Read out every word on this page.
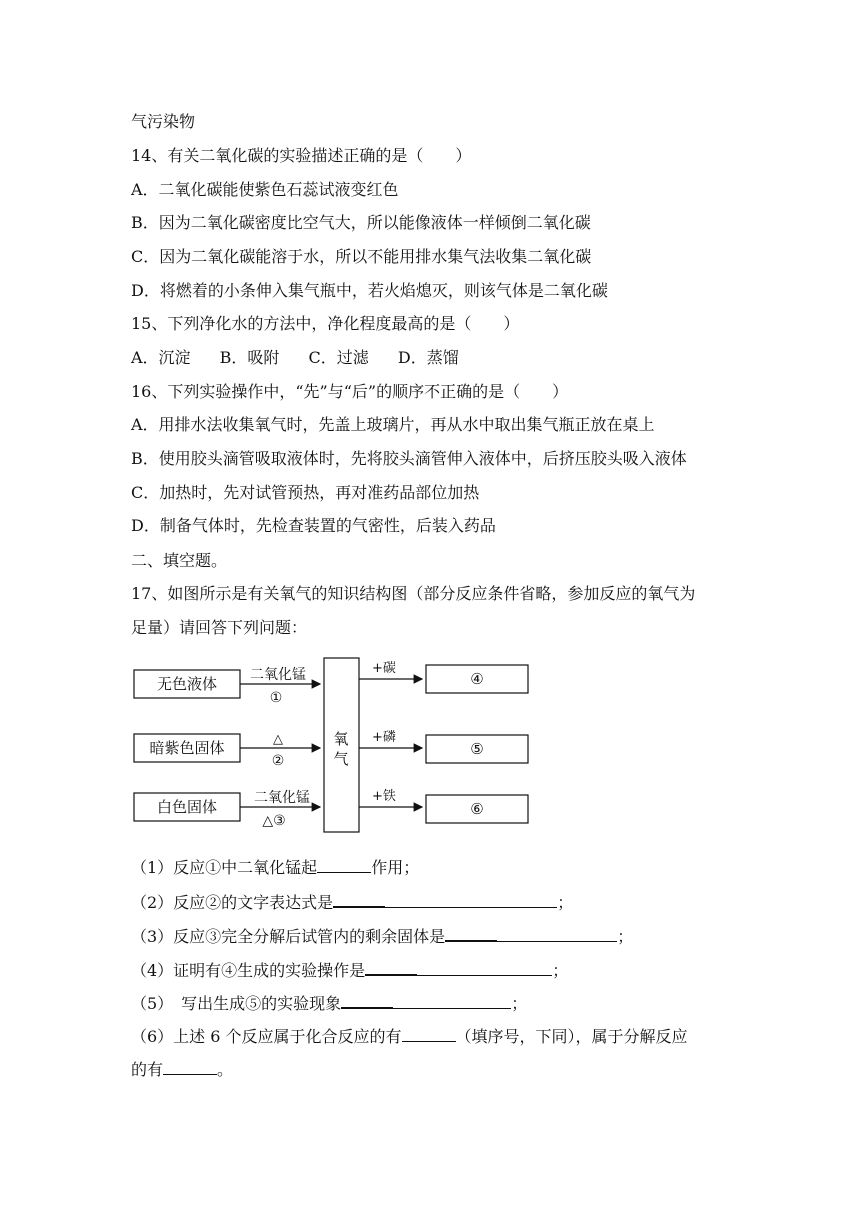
气污染物
14、有关二氧化碳的实验描述正确的是（　　）
A．二氧化碳能使紫色石蕊试液变红色
B．因为二氧化碳密度比空气大，所以能像液体一样倾倒二氧化碳
C．因为二氧化碳能溶于水，所以不能用排水集气法收集二氧化碳
D．将燃着的小条伸入集气瓶中，若火焰熄灭，则该气体是二氧化碳
15、下列净化水的方法中，净化程度最高的是（　　）
A．沉淀 B．吸附 C．过滤 D．蒸馏
16、下列实验操作中，“先”与“后”的顺序不正确的是（　　）
A．用排水法收集氧气时，先盖上玻璃片，再从水中取出集气瓶正放在桌上
B．使用胶头滴管吸取液体时，先将胶头滴管伸入液体中，后挤压胶头吸入液体
C．加热时，先对试管预热，再对准药品部位加热
D．制备气体时，先检查装置的气密性，后装入药品
二、填空题。
17、如图所示是有关氧气的知识结构图（部分反应条件省略，参加反应的氧气为
足量）请回答下列问题：
无色液体
暗紫色固体
白色固体
二氧化锰
①
△
②
二氧化锰
△③
氧
气
+碳
+磷
+铁
④
⑤
⑥
（1）反应①中二氧化锰起	作用；
（2）反应②的文字表达式是	；
（3）反应③完全分解后试管内的剩余固体是	；
（4）证明有④生成的实验操作是	；
（5）　写出生成⑤的实验现象	；
（6）上述 6 个反应属于化合反应的有	（填序号，下同），属于分解反应
的有	。
